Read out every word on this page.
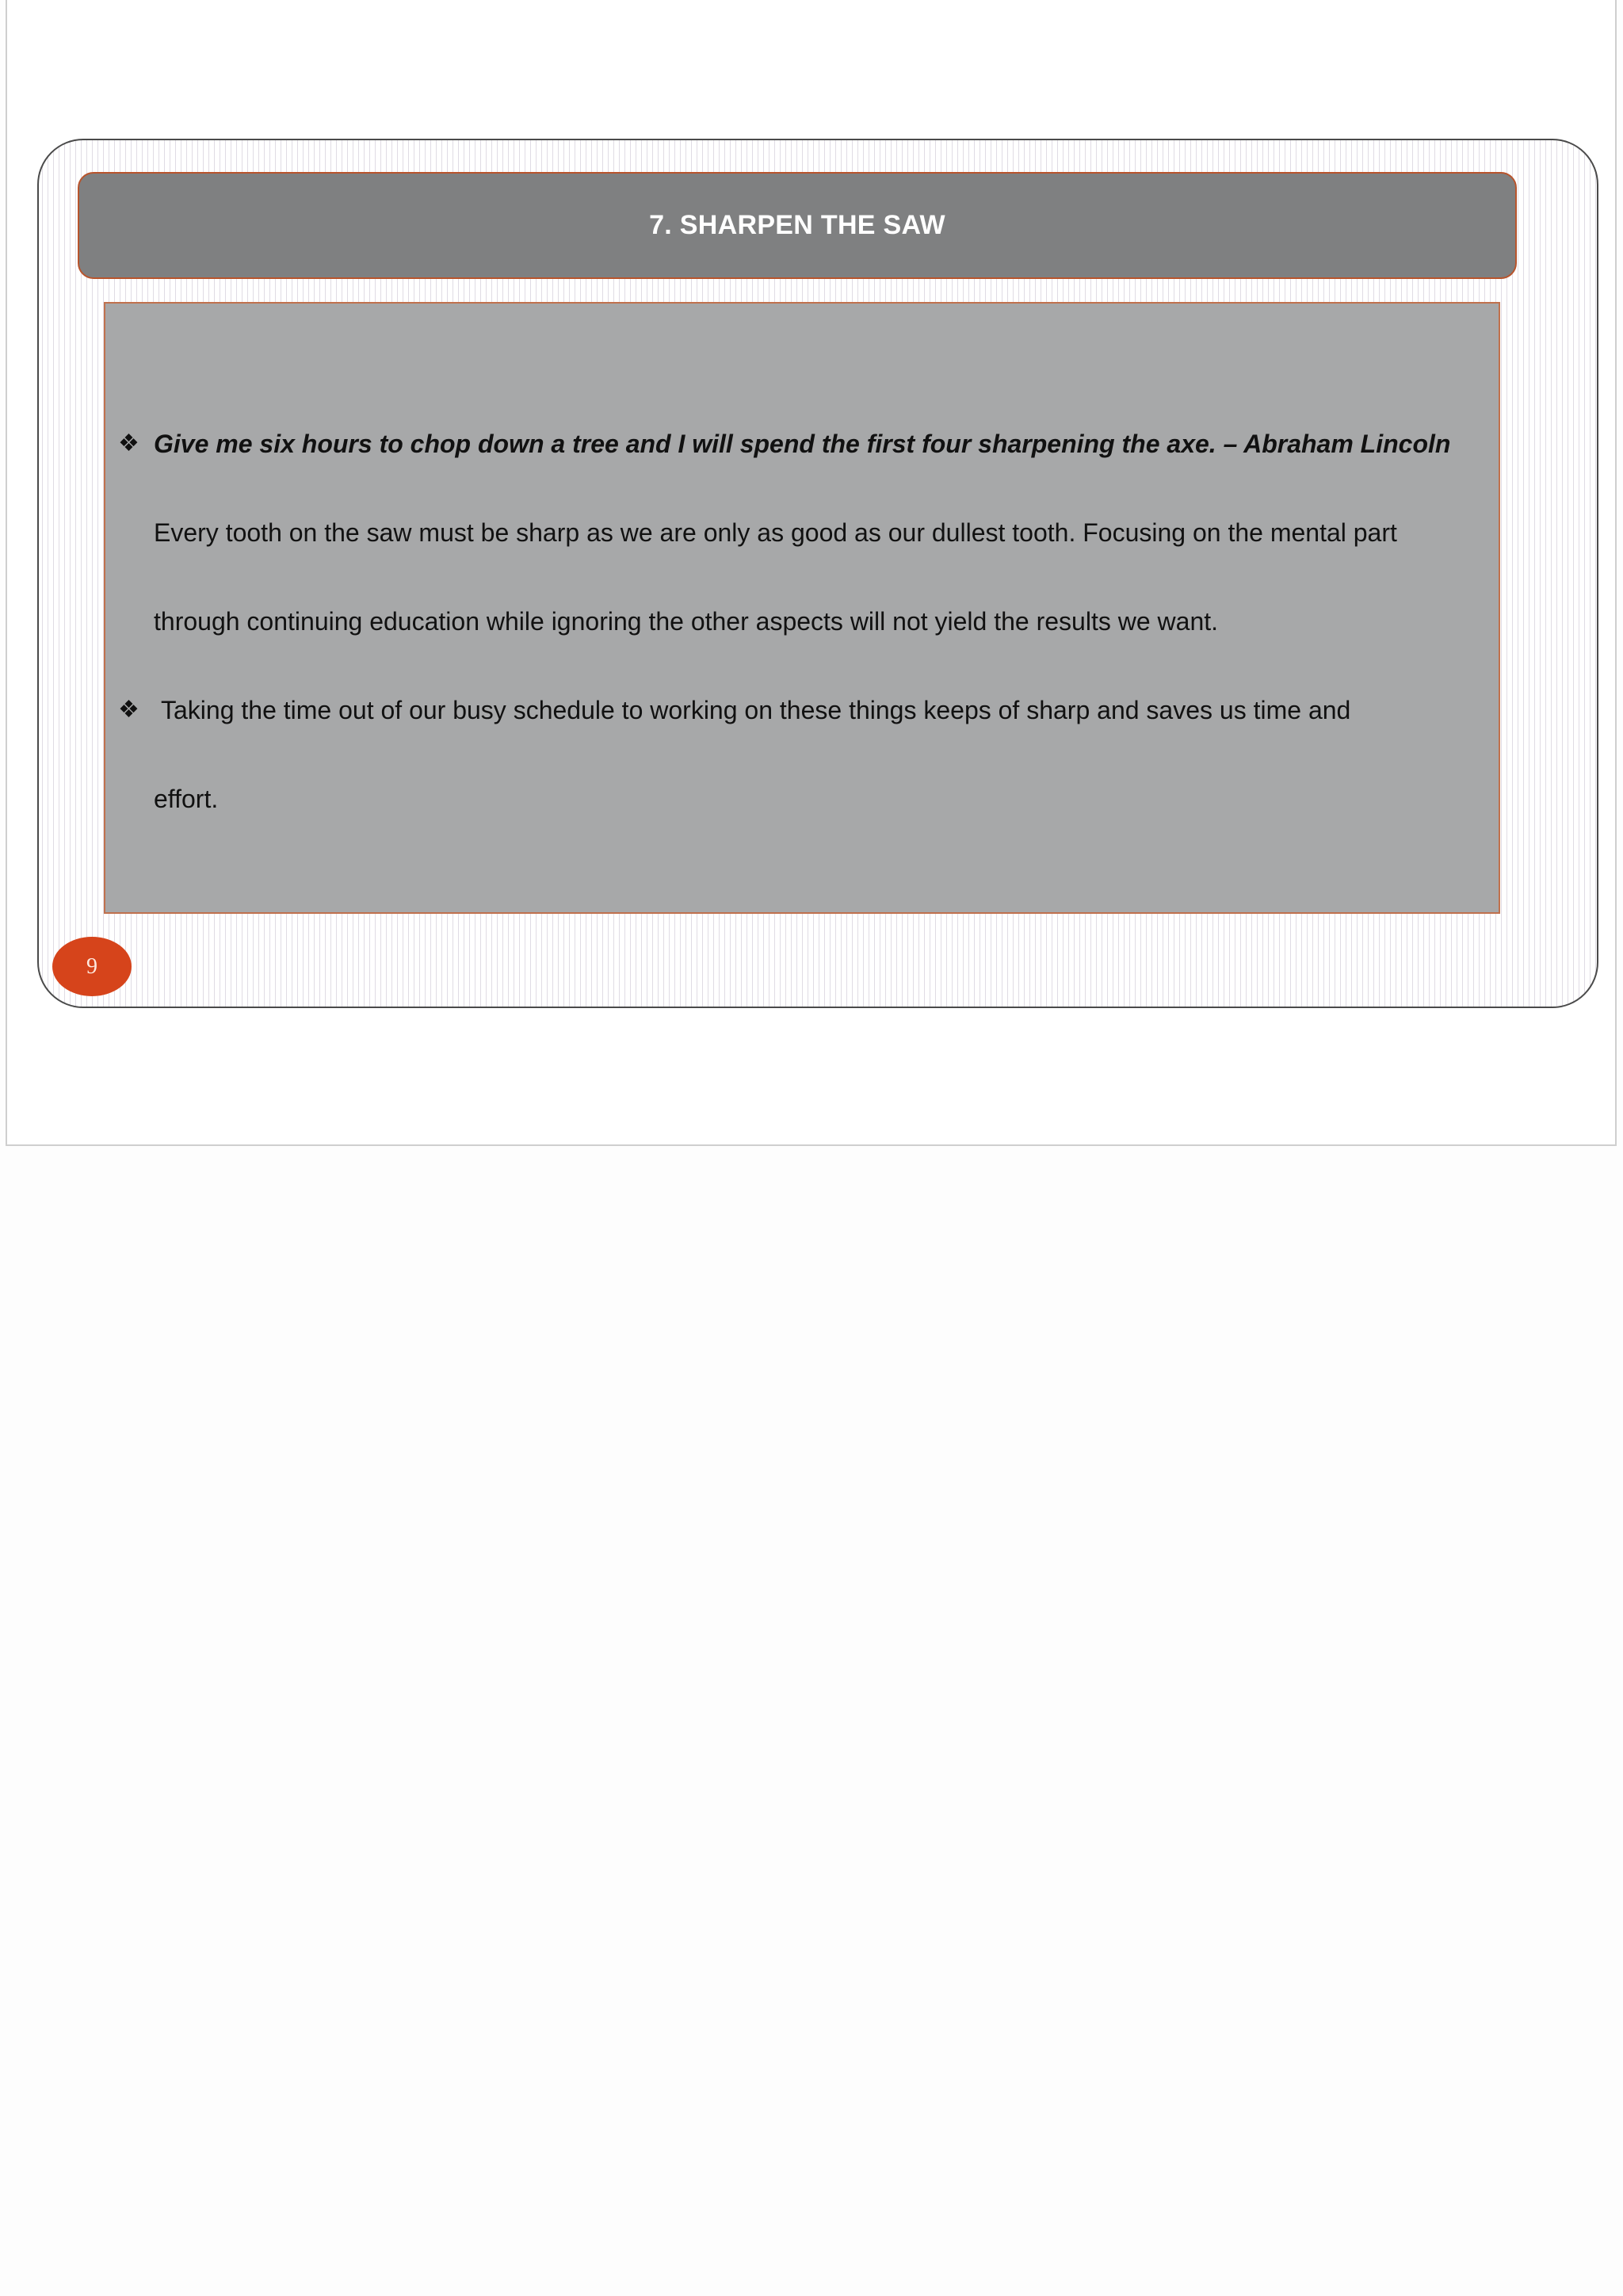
7. SHARPEN THE SAW
❖ Give me six hours to chop down a tree and I will spend the first four sharpening the axe. – Abraham Lincoln
Every tooth on the saw must be sharp as we are only as good as our dullest tooth. Focusing on the mental part
through continuing education while ignoring the other aspects will not yield the results we want.
❖ Taking the time out of our busy schedule to working on these things keeps of sharp and saves us time and
effort.
9
